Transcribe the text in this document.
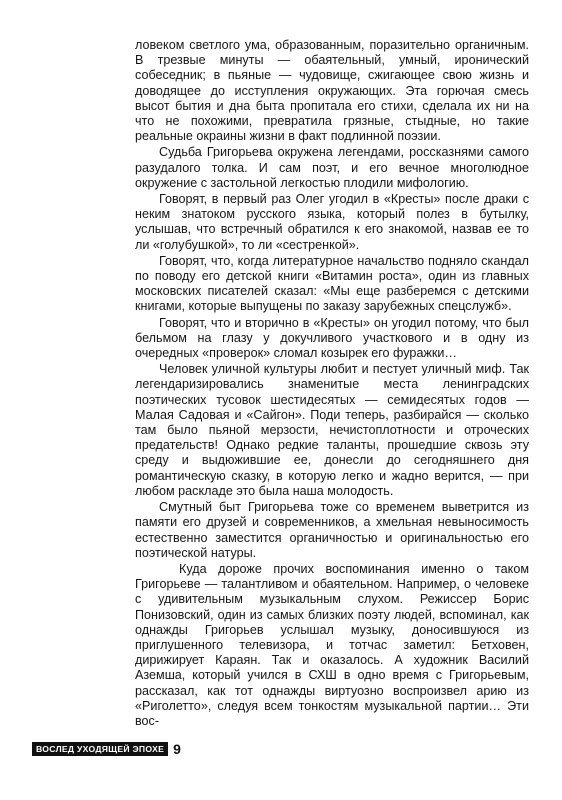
ловеком светлого ума, образованным, поразительно органичным. В трезвые минуты — обаятельный, умный, иронический собеседник; в пьяные — чудовище, сжигающее свою жизнь и доводящее до исступления окружающих. Эта горючая смесь высот бытия и дна быта пропитала его стихи, сделала их ни на что не похожими, превратила грязные, стыдные, но такие реальные окраины жизни в факт подлинной поэзии.

Судьба Григорьева окружена легендами, россказнями самого разудалого толка. И сам поэт, и его вечное многолюдное окружение с застольной легкостью плодили мифологию.

Говорят, в первый раз Олег угодил в «Кресты» после драки с неким знатоком русского языка, который полез в бутылку, услышав, что встречный обратился к его знакомой, назвав ее то ли «голубушкой», то ли «сестренкой».

Говорят, что, когда литературное начальство подняло скандал по поводу его детской книги «Витамин роста», один из главных московских писателей сказал: «Мы еще разберемся с детскими книгами, которые выпущены по заказу зарубежных спецслужб».

Говорят, что и вторично в «Кресты» он угодил потому, что был бельмом на глазу у докучливого участкового и в одну из очередных «проверок» сломал козырек его фуражки…

Человек уличной культуры любит и пестует уличный миф. Так легендаризировались знаменитые места ленинградских поэтических тусовок шестидесятых — семидесятых годов — Малая Садовая и «Сайгон». Поди теперь, разбирайся — сколько там было пьяной мерзости, нечистоплотности и отроческих предательств! Однако редкие таланты, прошедшие сквозь эту среду и выдюжившие ее, донесли до сегодняшнего дня романтическую сказку, в которую легко и жадно верится, — при любом раскладе это была наша молодость.

Смутный быт Григорьева тоже со временем выветрится из памяти его друзей и современников, а хмельная невыносимость естественно заместится органичностью и оригинальностью его поэтической натуры.

Куда дороже прочих воспоминания именно о таком Григорьеве — талантливом и обаятельном. Например, о человеке с удивительным музыкальным слухом. Режиссер Борис Понизовский, один из самых близких поэту людей, вспоминал, как однажды Григорьев услышал музыку, доносившуюся из приглушенного телевизора, и тотчас заметил: Бетховен, дирижирует Караян. Так и оказалось. А художник Василий Аземша, который учился в СХШ в одно время с Григорьевым, рассказал, как тот однажды виртуозно воспроизвел арию из «Риголетто», следуя всем тонкостям музыкальной партии… Эти вос-

ВОСЛЕД УХОДЯЩЕЙ ЭПОХЕ 9
